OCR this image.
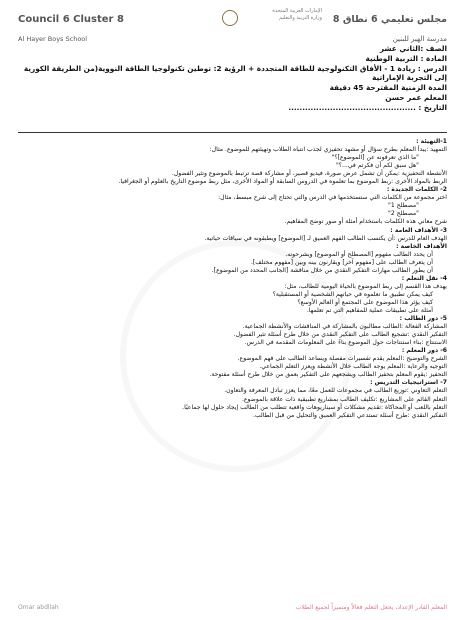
Council 6 Cluster 8
Al Hayer Boys School
الإمارات العربية المتحدة
وزارة التربية والتعليم	مجلس تعليمي 6 نطاق 8
مدرسة الهير للبنين
الصف :الثاني عشر
المادة : التربية الوطنية
الدرس : ريادة 1 - الأفاق التكنولوجية للطاقة المتجددة + الرؤية 2: توطين تكنولوجيا الطاقة النووية(من الطريقة الكورية إلى التجربة الإماراتية
المدة الزمنية المقترحة 45 دقيقة
المعلم عمر حسن
التاريخ : ..............................................
1-التهيئة :
التمهيد :يبدأ المعلم بطرح سؤال أو مشهد تحفيزي لجذب انتباه الطلاب وتهيئتهم للموضوع. مثال:
"ما الذي تعرفونه عن [الموضوع]؟"
"هل سبق لكم أن فكرتم في...؟"
الأنشطة التحفيزية :يمكن أن تشمل عرض صورة، فيديو قصير، أو مشاركة قصة ترتبط بالموضوع وتثير الفضول.
الربط بالمواد الأخرى :ربط الموضوع بما تعلموه في الدروس السابقة أو المواد الأخرى، مثل ربط موضوع التاريخ بالعلوم أو الجغرافيا.
2- الكلمات الجديدة :
اختر مجموعة من الكلمات التي ستستخدمها في الدرس والتي تحتاج إلى شرح مبسط، مثال:
"مصطلح 1"
"مصطلح 2"
شرح معاني هذه الكلمات باستخدام أمثلة أو صور توضح المفاهيم.
3- الأهداف العامة :
الهدف العام للدرس :أن يكتسب الطالب الفهم العميق لـ [الموضوع] ويطبقونه في سياقات حياتية.
الأهداف الخاصة :
أن يحدد الطالب مفهوم [المصطلح أو الموضوع] ويشرحونه.
أن يتعرف الطالب على [مفهوم آخر] ويقارنون بينه وبين [مفهوم مختلف].
أن يطور الطالب مهارات التفكير النقدي من خلال مناقشة [الجانب المحدد من الموضوع].
4- نقل التعلم :
يهدف هذا القسم إلى ربط الموضوع بالحياة اليومية للطالب، مثل:
كيف يمكن تطبيق ما تعلموه في حياتهم الشخصية أو المستقبلية؟
كيف يؤثر هذا الموضوع على المجتمع أو العالم الأوسع؟
أمثلة على تطبيقات عملية للمفاهيم التي تم تعلمها.
5- دور الطالب :
المشاركة الفعالة :الطالب مطالبون بالمشاركة في المناقشات والأنشطة الجماعية.
التفكير النقدي :تشجيع الطالب على التفكير النقدي من خلال طرح أسئلة تثير الفضول.
الاستنتاج :بناء استنتاجات حول الموضوع بناءً على المعلومات المقدمة في الدرس.
6- دور المعلم :
الشرح والتوضيح :المعلم يقدم تفسيرات مفصلة ويساعد الطالب على فهم الموضوع.
التوجيه والرعاية :المعلم يوجه الطالب خلال الأنشطة ويعزز التعلم الجماعي.
التحفيز :يقوم المعلم بتحفيز الطالب ويشجعهم على التفكير بعمق من خلال طرح أسئلة مفتوحة.
7- استراتيجيات التدريس :
التعلم التعاوني :توزيع الطالب في مجموعات للعمل معًا، مما يعزز تبادل المعرفة والتعاون.
التعلم القائم على المشاريع :تكليف الطالب بمشاريع تطبيقية ذات علاقة بالموضوع.
التعلم باللعب أو المحاكاة :تقديم مشكلات أو سيناريوهات واقعية تتطلب من الطالب إيجاد حلول لها جماعيًا.
التفكير النقدي :طرح أسئلة تستدعي التفكير العميق والتحليل من قبل الطالب.
Omar abdllah	المعلم القادر الإعداد، يجعل التعلم فعالاً ومتميزاً لجميع الطلاب
